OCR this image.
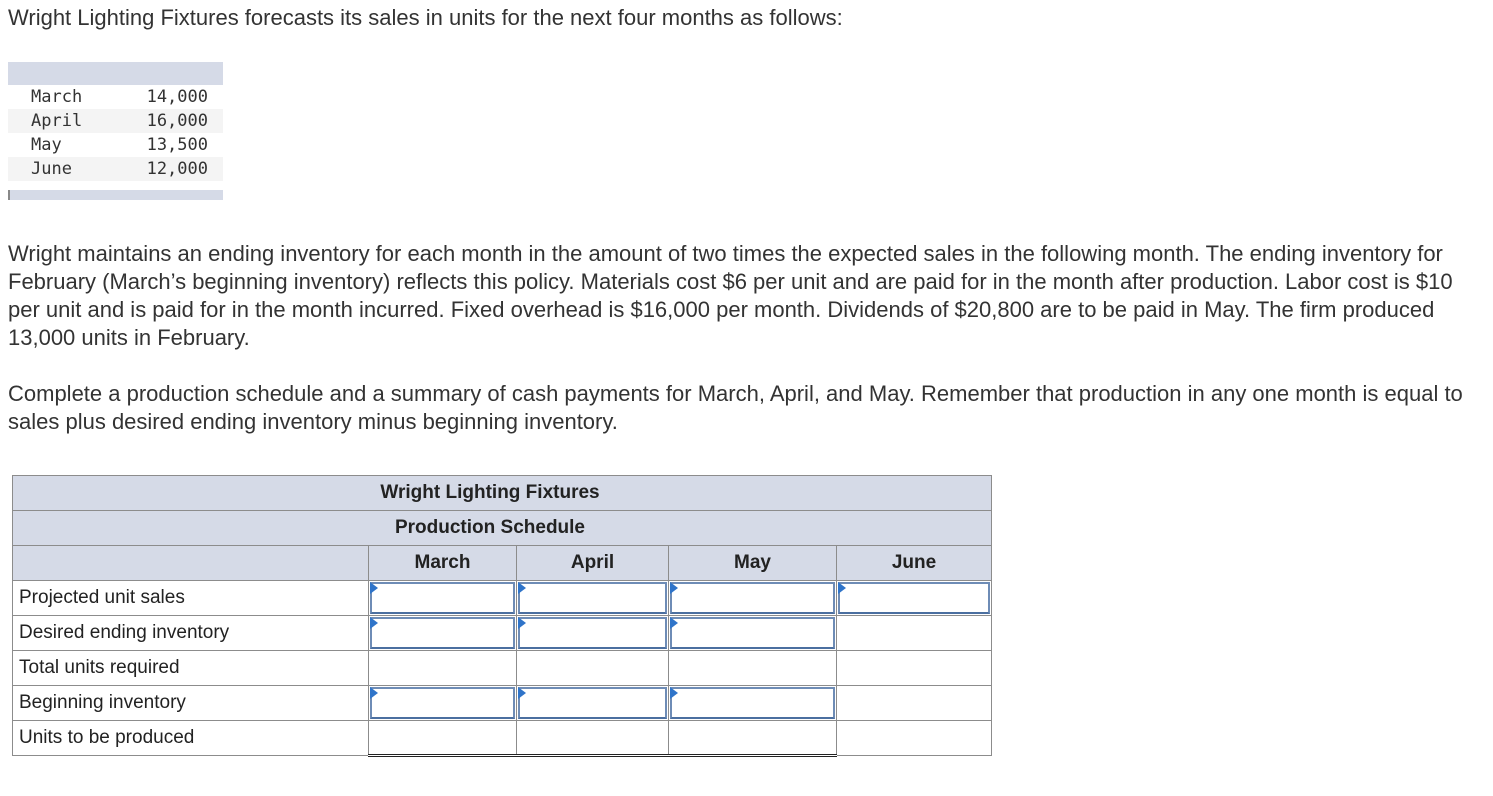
Wright Lighting Fixtures forecasts its sales in units for the next four months as follows:

March	14,000
April	16,000
May	13,500
June	12,000

Wright maintains an ending inventory for each month in the amount of two times the expected sales in the following month. The ending inventory for February (March’s beginning inventory) reflects this policy. Materials cost $6 per unit and are paid for in the month after production. Labor cost is $10 per unit and is paid for in the month incurred. Fixed overhead is $16,000 per month. Dividends of $20,800 are to be paid in May. The firm produced 13,000 units in February.

Complete a production schedule and a summary of cash payments for March, April, and May. Remember that production in any one month is equal to sales plus desired ending inventory minus beginning inventory.

Wright Lighting Fixtures				
Production Schedule				
	March	April	May	June
Projected unit sales	

Desired ending inventory	

Total units required				
Beginning inventory	

Units to be produced				
